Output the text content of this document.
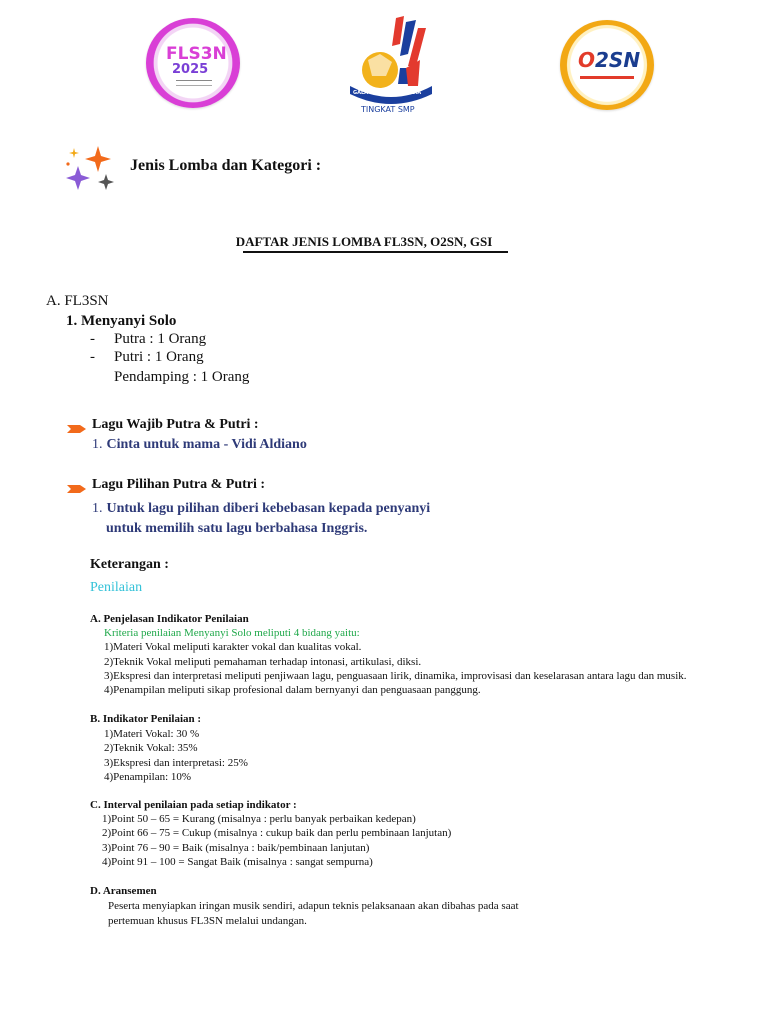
FLS3N
2025
GALA SISWA INDONESIA
TINGKAT SMP
O2SN
Jenis Lomba dan Kategori :
DAFTAR JENIS LOMBA FL3SN, O2SN, GSI
A. FL3SN
1. Menyanyi Solo
- Putra : 1 Orang
- Putri : 1 Orang
Pendamping : 1 Orang
Lagu Wajib Putra & Putri :
1. Cinta untuk mama - Vidi Aldiano
Lagu Pilihan Putra & Putri :
1. Untuk lagu pilihan diberi kebebasan kepada penyanyi
untuk memilih satu lagu berbahasa Inggris.
Keterangan :
Penilaian
A. Penjelasan Indikator Penilaian
Kriteria penilaian Menyanyi Solo meliputi 4 bidang yaitu:
1)Materi Vokal meliputi karakter vokal dan kualitas vokal.
2)Teknik Vokal meliputi pemahaman terhadap intonasi, artikulasi, diksi.
3)Ekspresi dan interpretasi meliputi penjiwaan lagu, penguasaan lirik, dinamika, improvisasi dan keselarasan antara lagu dan musik.
4)Penampilan meliputi sikap profesional dalam bernyanyi dan penguasaan panggung.
B. Indikator Penilaian :
1)Materi Vokal: 30 %
2)Teknik Vokal: 35%
3)Ekspresi dan interpretasi: 25%
4)Penampilan: 10%
C. Interval penilaian pada setiap indikator :
1)Point 50 – 65 = Kurang (misalnya : perlu banyak perbaikan kedepan)
2)Point 66 – 75 = Cukup (misalnya : cukup baik dan perlu pembinaan lanjutan)
3)Point 76 – 90 = Baik (misalnya : baik/pembinaan lanjutan)
4)Point 91 – 100 = Sangat Baik (misalnya : sangat sempurna)
D. Aransemen
Peserta menyiapkan iringan musik sendiri, adapun teknis pelaksanaan akan dibahas pada saat
pertemuan khusus FL3SN melalui undangan.
